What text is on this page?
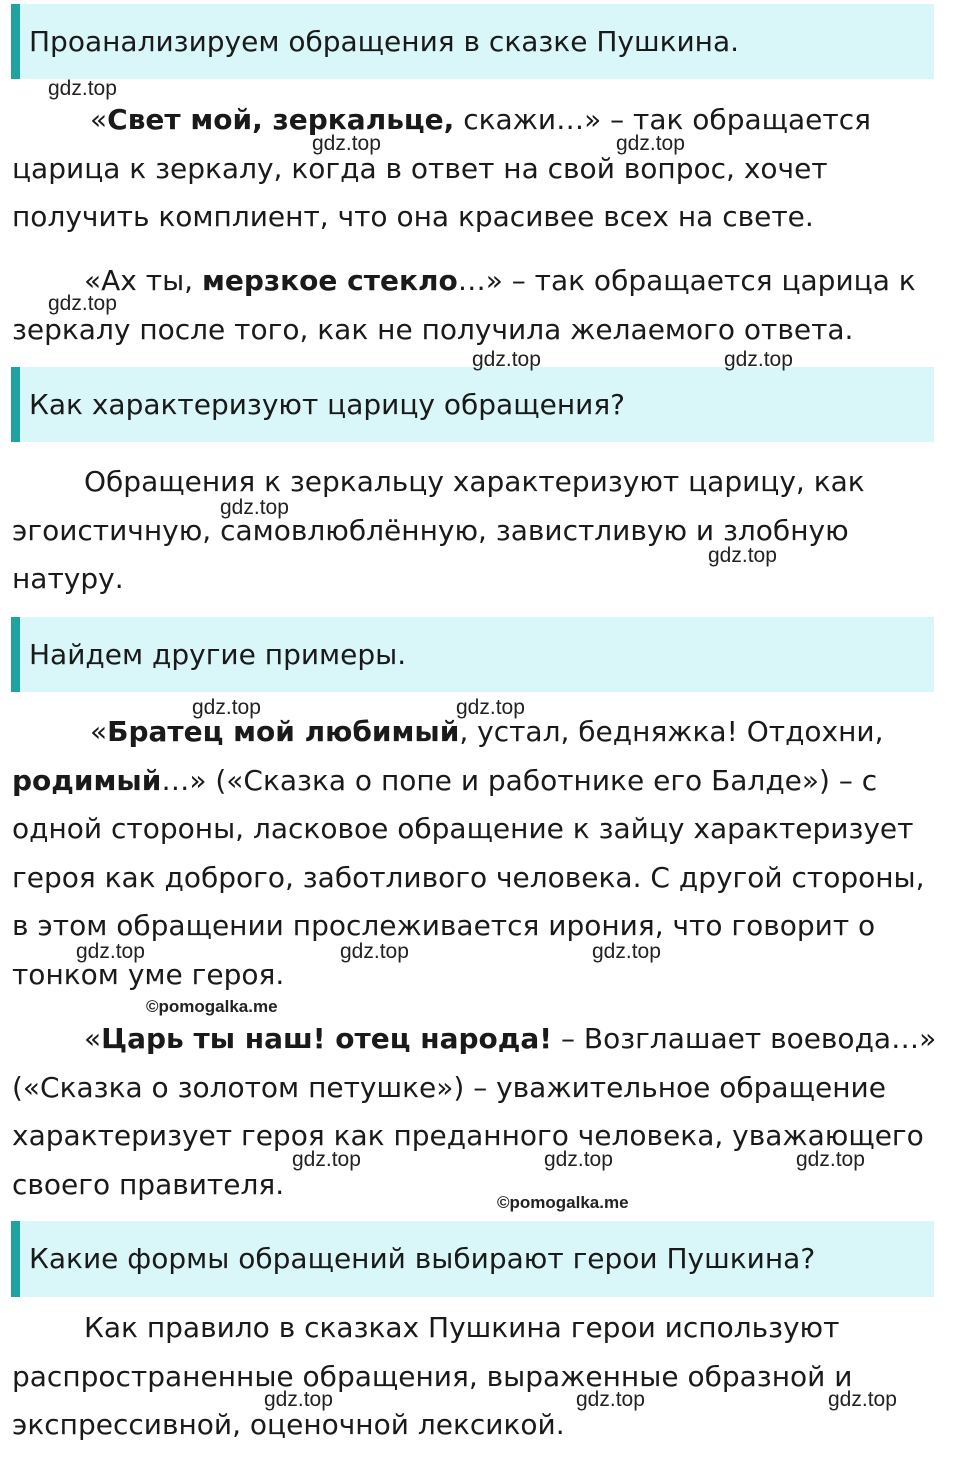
Проанализируем обращения в сказке Пушкина.
«Свет мой, зеркальце, скажи…» – так обращается
царица к зеркалу, когда в ответ на свой вопрос, хочет
получить комплиент, что она красивее всех на свете.
«Ах ты, мерзкое стекло…» – так обращается царица к
зеркалу после того, как не получила желаемого ответа.
Как характеризуют царицу обращения?
Обращения к зеркальцу характеризуют царицу, как
эгоистичную, самовлюблённую, завистливую и злобную
натуру.
Найдем другие примеры.
«Братец мой любимый, устал, бедняжка! Отдохни,
родимый…» («Сказка о попе и работнике его Балде») – с
одной стороны, ласковое обращение к зайцу характеризует
героя как доброго, заботливого человека. С другой стороны,
в этом обращении прослеживается ирония, что говорит о
тонком уме героя.
«Царь ты наш! отец народа! – Возглашает воевода…»
(«Сказка о золотом петушке») – уважительное обращение
характеризует героя как преданного человека, уважающего
своего правителя.
Какие формы обращений выбирают герои Пушкина?
Как правило в сказках Пушкина герои используют
распространенные обращения, выраженные образной и
экспрессивной, оценочной лексикой.
gdz.top
gdz.top	gdz.top
gdz.top
gdz.top	gdz.top
gdz.top
gdz.top
gdz.top	gdz.top
gdz.top	gdz.top	gdz.top
©pomogalka.me
gdz.top	gdz.top	gdz.top
©pomogalka.me
gdz.top	gdz.top	gdz.top
